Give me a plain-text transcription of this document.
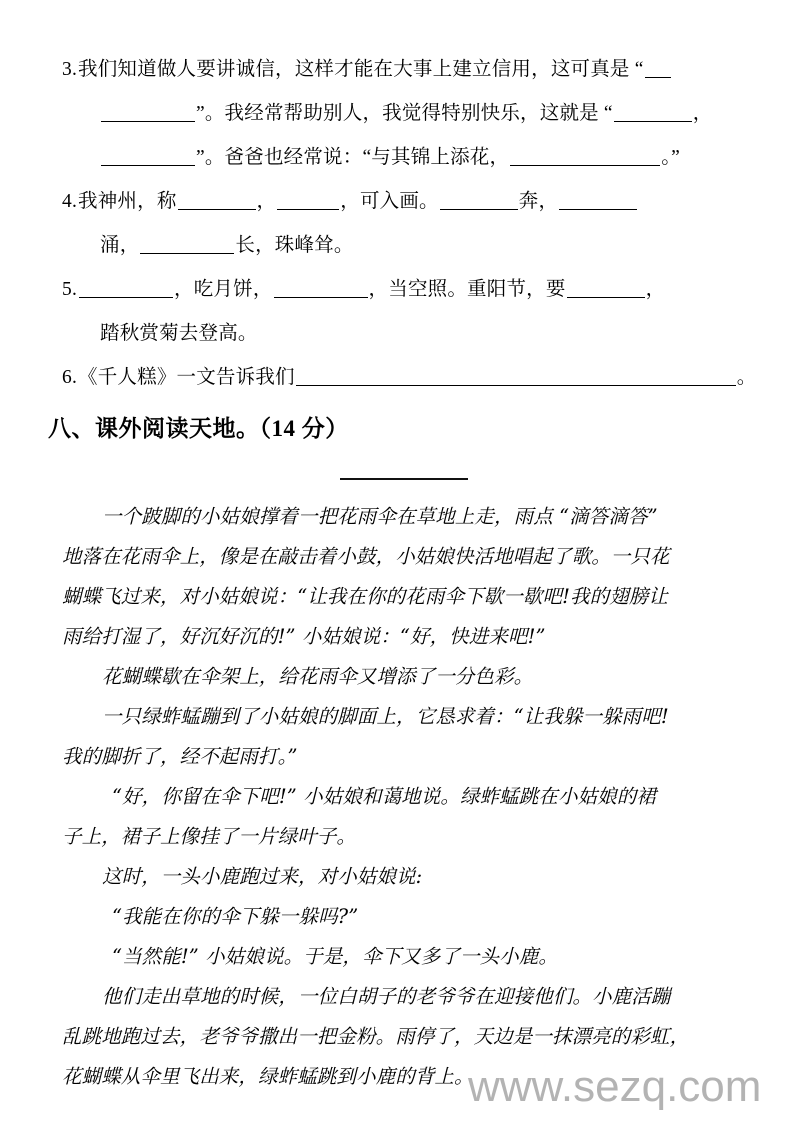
3.我们知道做人要讲诚信，这样才能在大事上建立信用，这可真是 “
”。我经常帮助别人，我觉得特别快乐，这就是 “	，
”。爸爸也经常说：“与其锦上添花，	。”
4.我神州，称	，	，可入画。	奔，
涌，	长，珠峰耸。
5.	，吃月饼，	，当空照。重阳节，要	，
踏秋赏菊去登高。
6.《千人糕》一文告诉我们	。
八、课外阅读天地。（14 分）
一个跛脚的小姑娘撑着一把花雨伞在草地上走，雨点 “滴答滴答”
地落在花雨伞上，像是在敲击着小鼓，小姑娘快活地唱起了歌。一只花
蝴蝶飞过来，对小姑娘说：“让我在你的花雨伞下歇一歇吧!我的翅膀让
雨给打湿了，好沉好沉的!” 小姑娘说：“好，快进来吧!”
花蝴蝶歇在伞架上，给花雨伞又增添了一分色彩。
一只绿蚱蜢蹦到了小姑娘的脚面上，它恳求着：“让我躲一躲雨吧!
我的脚折了，经不起雨打。”
“好，你留在伞下吧!” 小姑娘和蔼地说。绿蚱蜢跳在小姑娘的裙
子上，裙子上像挂了一片绿叶子。
这时，一头小鹿跑过来，对小姑娘说:
“我能在你的伞下躲一躲吗?”
“当然能!” 小姑娘说。于是，伞下又多了一头小鹿。
他们走出草地的时候，一位白胡子的老爷爷在迎接他们。小鹿活蹦
乱跳地跑过去，老爷爷撒出一把金粉。雨停了，天边是一抹漂亮的彩虹，
花蝴蝶从伞里飞出来，绿蚱蜢跳到小鹿的背上。
www.sezq.com
